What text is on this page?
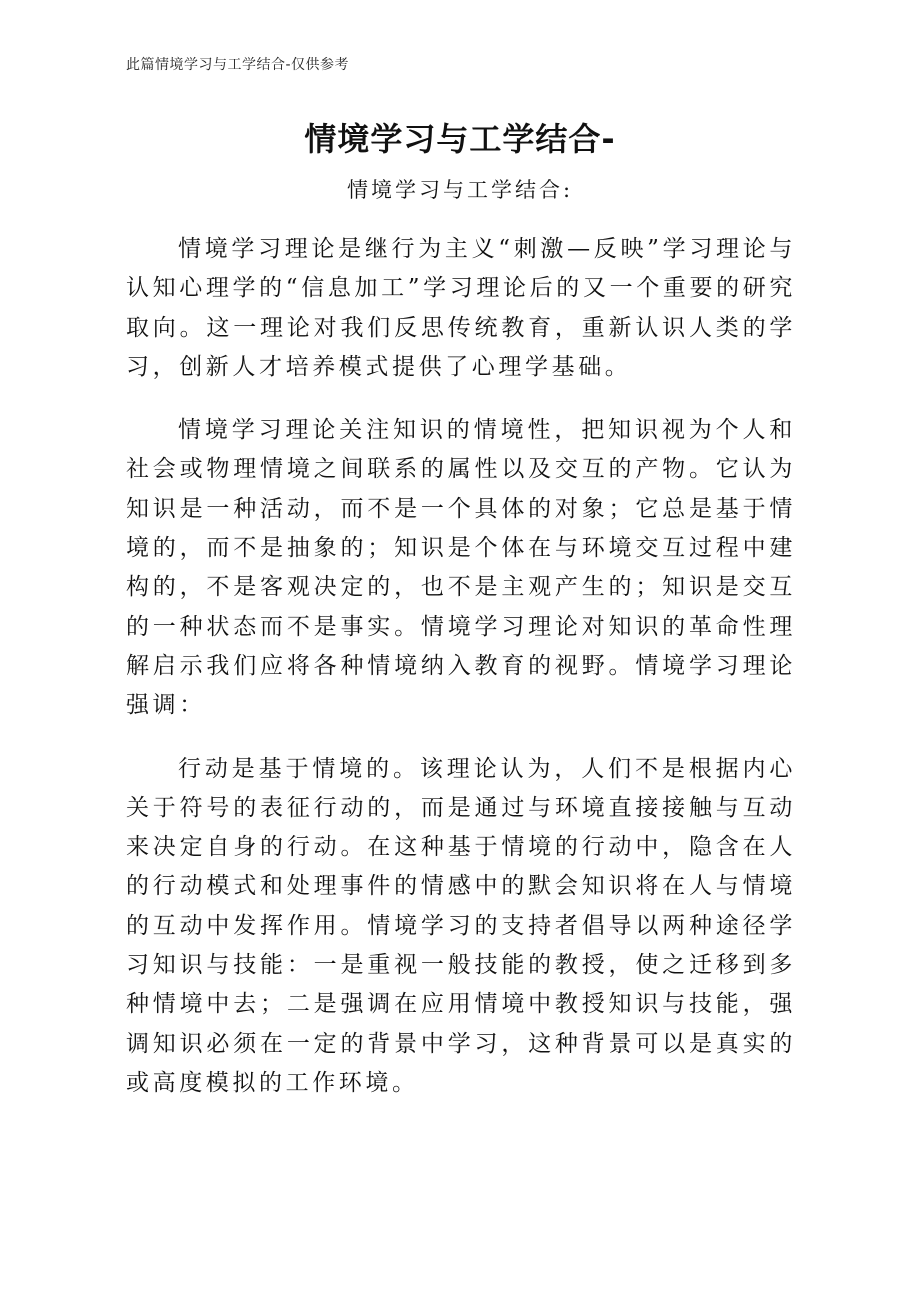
此篇情境学习与工学结合-仅供参考
情境学习与工学结合-
情境学习与工学结合:

情境学习理论是继行为主义“刺激—反映”学习理论与认知心理学的“信息加工”学习理论后的又一个重要的研究取向。这一理论对我们反思传统教育，重新认识人类的学习，创新人才培养模式提供了心理学基础。

情境学习理论关注知识的情境性，把知识视为个人和社会或物理情境之间联系的属性以及交互的产物。它认为知识是一种活动，而不是一个具体的对象；它总是基于情境的，而不是抽象的；知识是个体在与环境交互过程中建构的，不是客观决定的，也不是主观产生的；知识是交互的一种状态而不是事实。情境学习理论对知识的革命性理解启示我们应将各种情境纳入教育的视野。情境学习理论强调：

行动是基于情境的。该理论认为，人们不是根据内心关于符号的表征行动的，而是通过与环境直接接触与互动来决定自身的行动。在这种基于情境的行动中，隐含在人的行动模式和处理事件的情感中的默会知识将在人与情境的互动中发挥作用。情境学习的支持者倡导以两种途径学习知识与技能：一是重视一般技能的教授，使之迁移到多种情境中去；二是强调在应用情境中教授知识与技能，强调知识必须在一定的背景中学习，这种背景可以是真实的或高度模拟的工作环境。
